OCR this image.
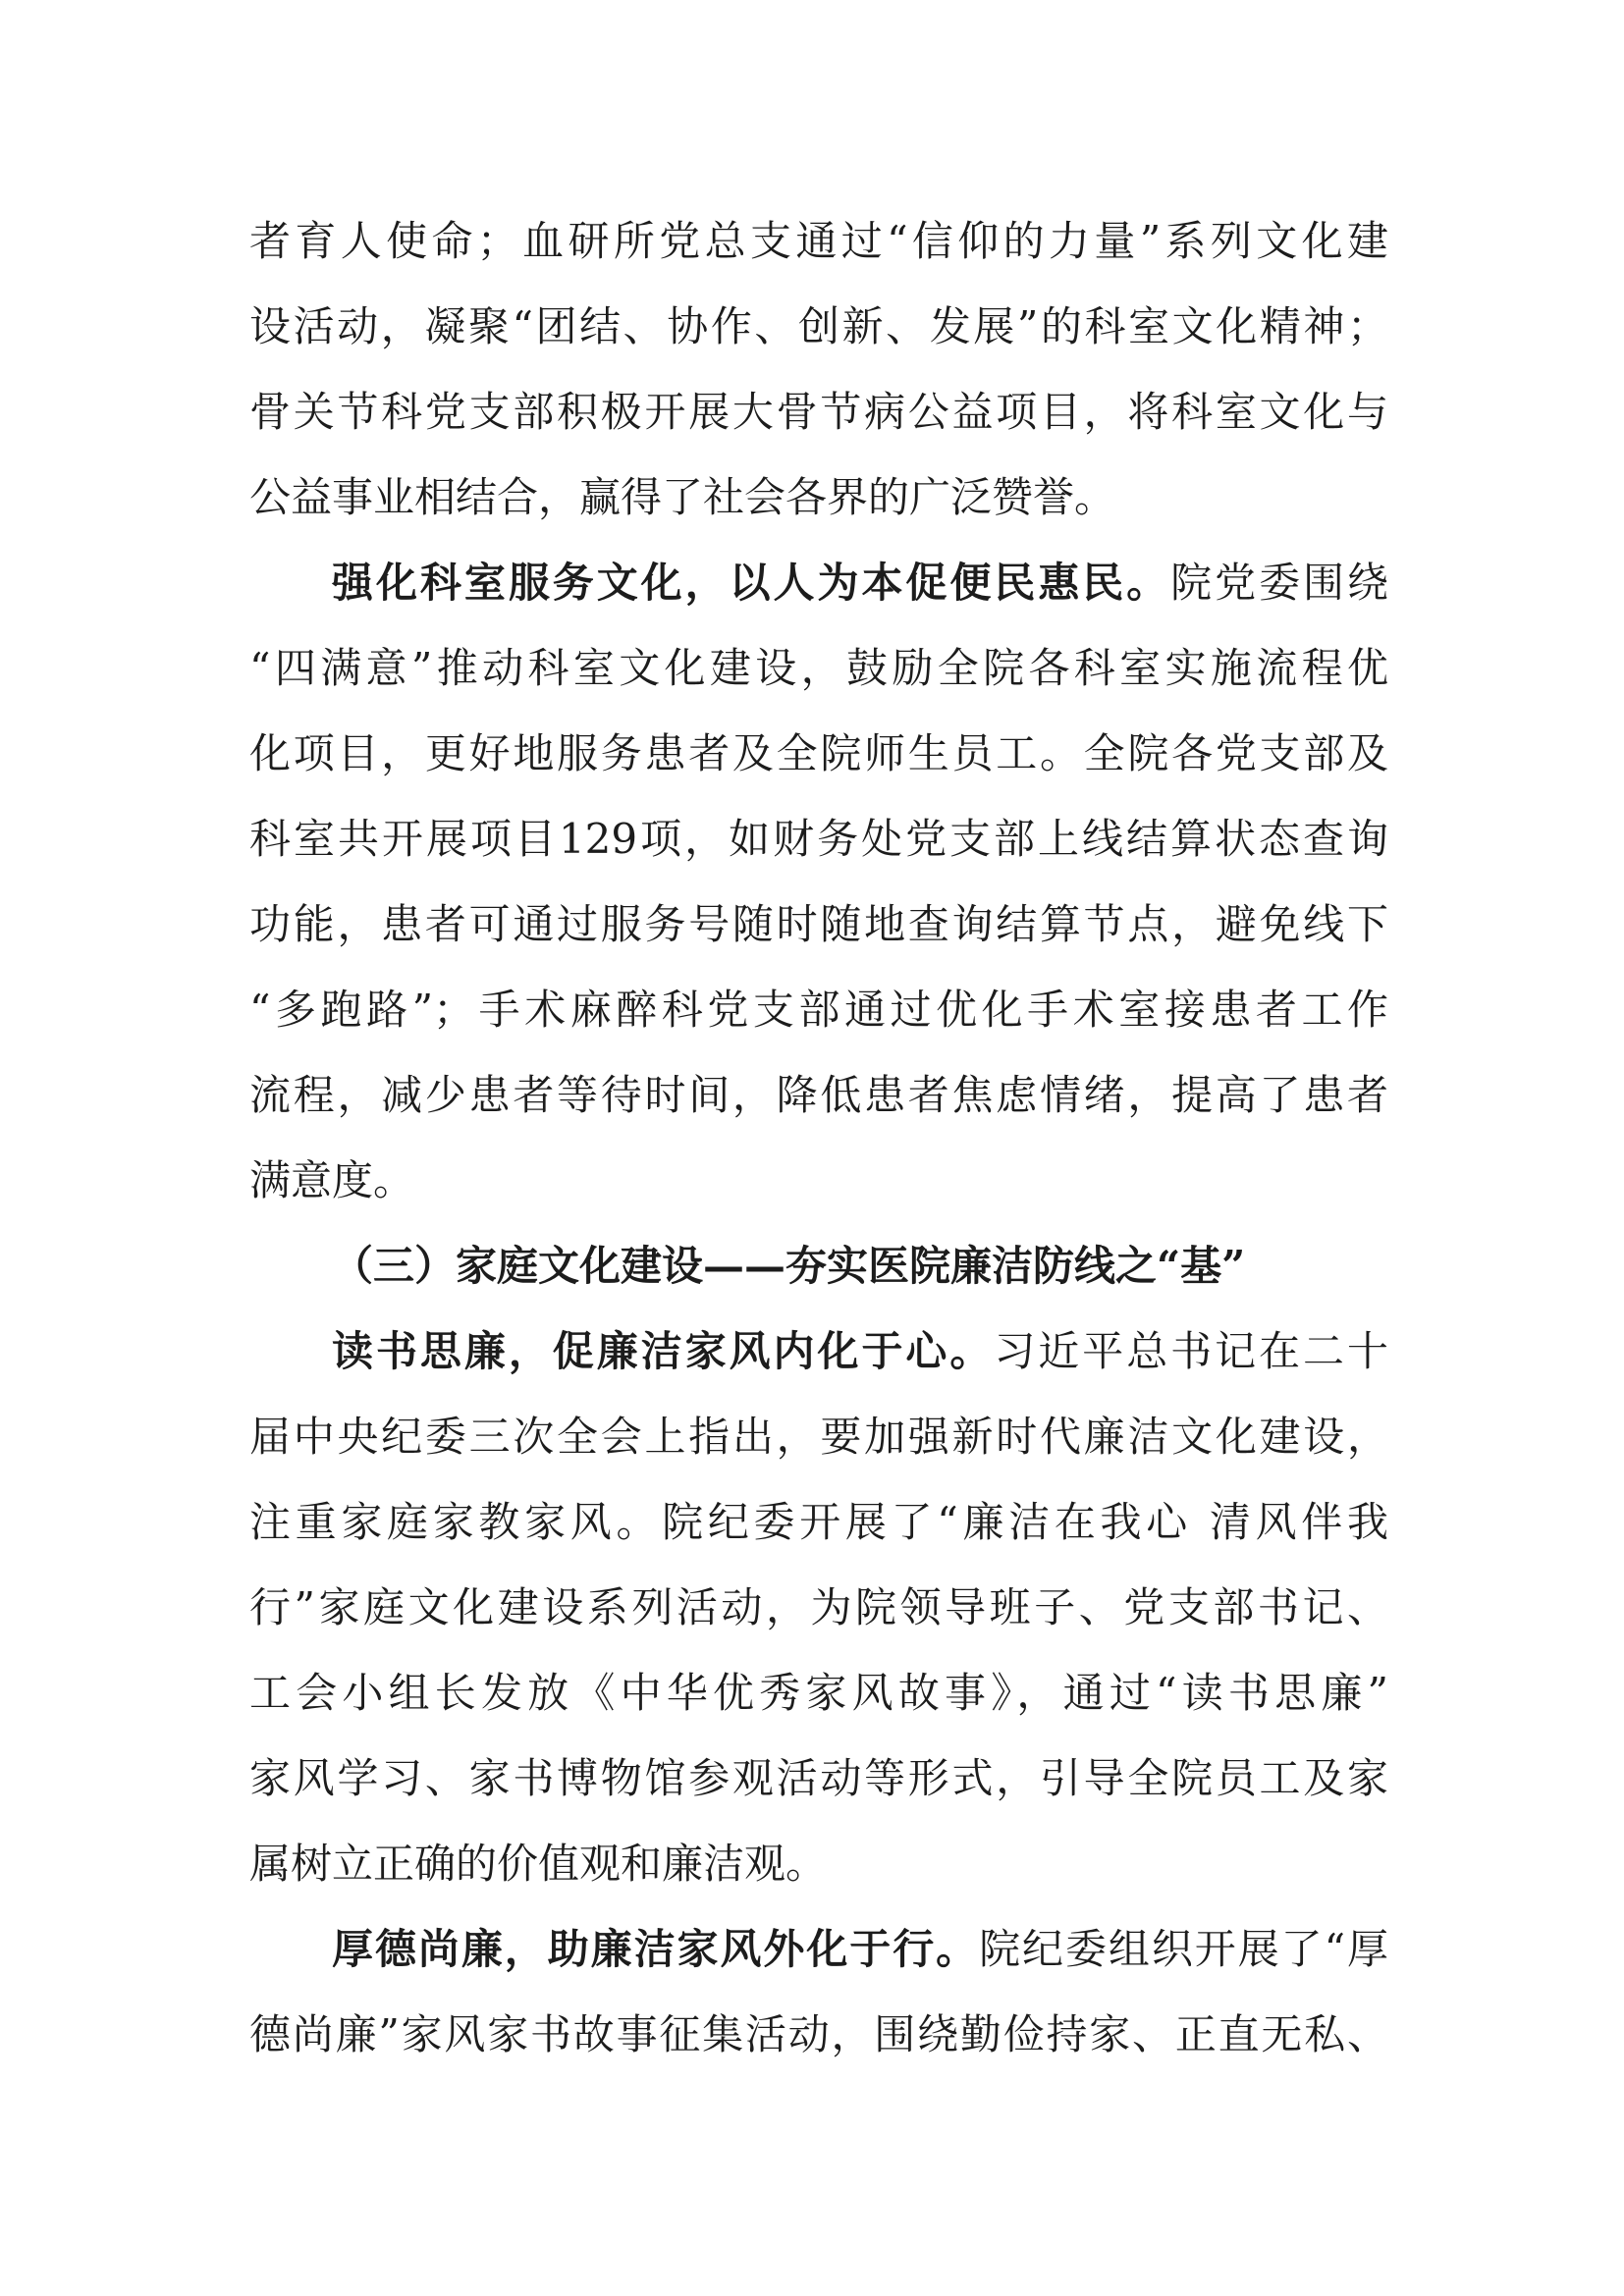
者育人使命；血研所党总支通过“信仰的力量”系列文化建
设活动，凝聚“团结、协作、创新、发展”的科室文化精神；
骨关节科党支部积极开展大骨节病公益项目，将科室文化与
公益事业相结合，赢得了社会各界的广泛赞誉。
强化科室服务文化，以人为本促便民惠民。院党委围绕
“四满意”推动科室文化建设，鼓励全院各科室实施流程优
化项目，更好地服务患者及全院师生员工。全院各党支部及
科室共开展项目129项，如财务处党支部上线结算状态查询
功能，患者可通过服务号随时随地查询结算节点，避免线下
“多跑路”；手术麻醉科党支部通过优化手术室接患者工作
流程，减少患者等待时间，降低患者焦虑情绪，提高了患者
满意度。
（三）家庭文化建设——夯实医院廉洁防线之“基”
读书思廉，促廉洁家风内化于心。习近平总书记在二十
届中央纪委三次全会上指出，要加强新时代廉洁文化建设，
注重家庭家教家风。院纪委开展了“廉洁在我心 清风伴我
行”家庭文化建设系列活动，为院领导班子、党支部书记、
工会小组长发放《中华优秀家风故事》，通过“读书思廉”
家风学习、家书博物馆参观活动等形式，引导全院员工及家
属树立正确的价值观和廉洁观。
厚德尚廉，助廉洁家风外化于行。院纪委组织开展了“厚
德尚廉”家风家书故事征集活动，围绕勤俭持家、正直无私、
